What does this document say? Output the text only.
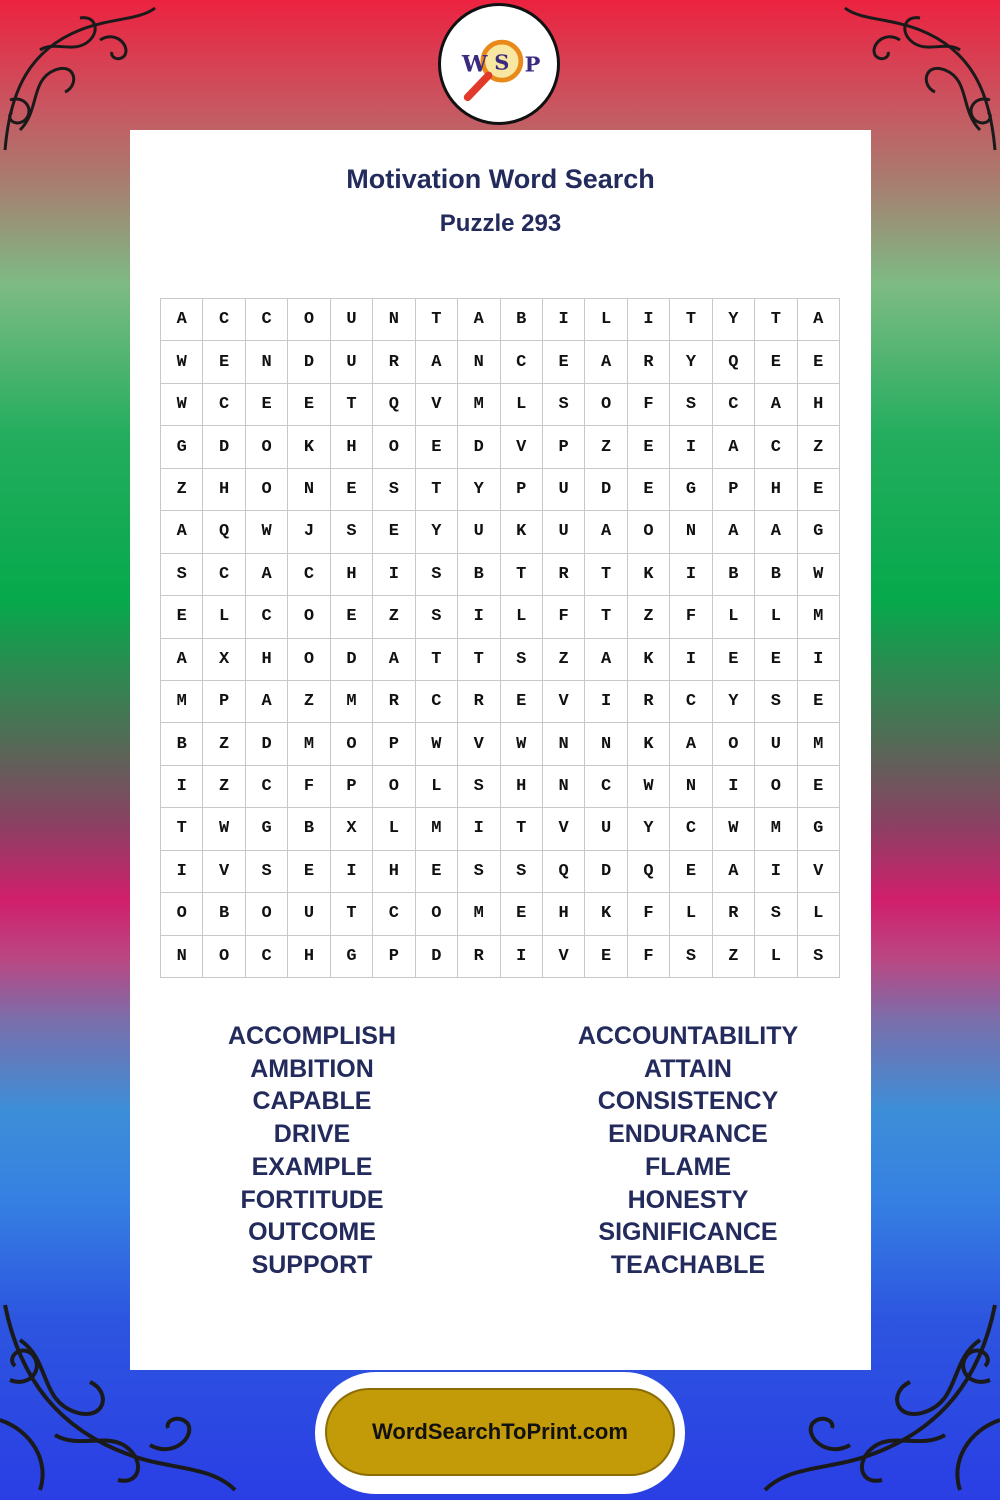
W S P
Motivation Word Search
Puzzle 293
A	C	C	O	U	N	T	A	B	I	L	I	T	Y	T	A
W	E	N	D	U	R	A	N	C	E	A	R	Y	Q	E	E
W	C	E	E	T	Q	V	M	L	S	O	F	S	C	A	H
G	D	O	K	H	O	E	D	V	P	Z	E	I	A	C	Z
Z	H	O	N	E	S	T	Y	P	U	D	E	G	P	H	E
A	Q	W	J	S	E	Y	U	K	U	A	O	N	A	A	G
S	C	A	C	H	I	S	B	T	R	T	K	I	B	B	W
E	L	C	O	E	Z	S	I	L	F	T	Z	F	L	L	M
A	X	H	O	D	A	T	T	S	Z	A	K	I	E	E	I
M	P	A	Z	M	R	C	R	E	V	I	R	C	Y	S	E
B	Z	D	M	O	P	W	V	W	N	N	K	A	O	U	M
I	Z	C	F	P	O	L	S	H	N	C	W	N	I	O	E
T	W	G	B	X	L	M	I	T	V	U	Y	C	W	M	G
I	V	S	E	I	H	E	S	S	Q	D	Q	E	A	I	V
O	B	O	U	T	C	O	M	E	H	K	F	L	R	S	L
N	O	C	H	G	P	D	R	I	V	E	F	S	Z	L	S
ACCOMPLISH
AMBITION
CAPABLE
DRIVE
EXAMPLE
FORTITUDE
OUTCOME
SUPPORT
ACCOUNTABILITY
ATTAIN
CONSISTENCY
ENDURANCE
FLAME
HONESTY
SIGNIFICANCE
TEACHABLE
WordSearchToPrint.com
